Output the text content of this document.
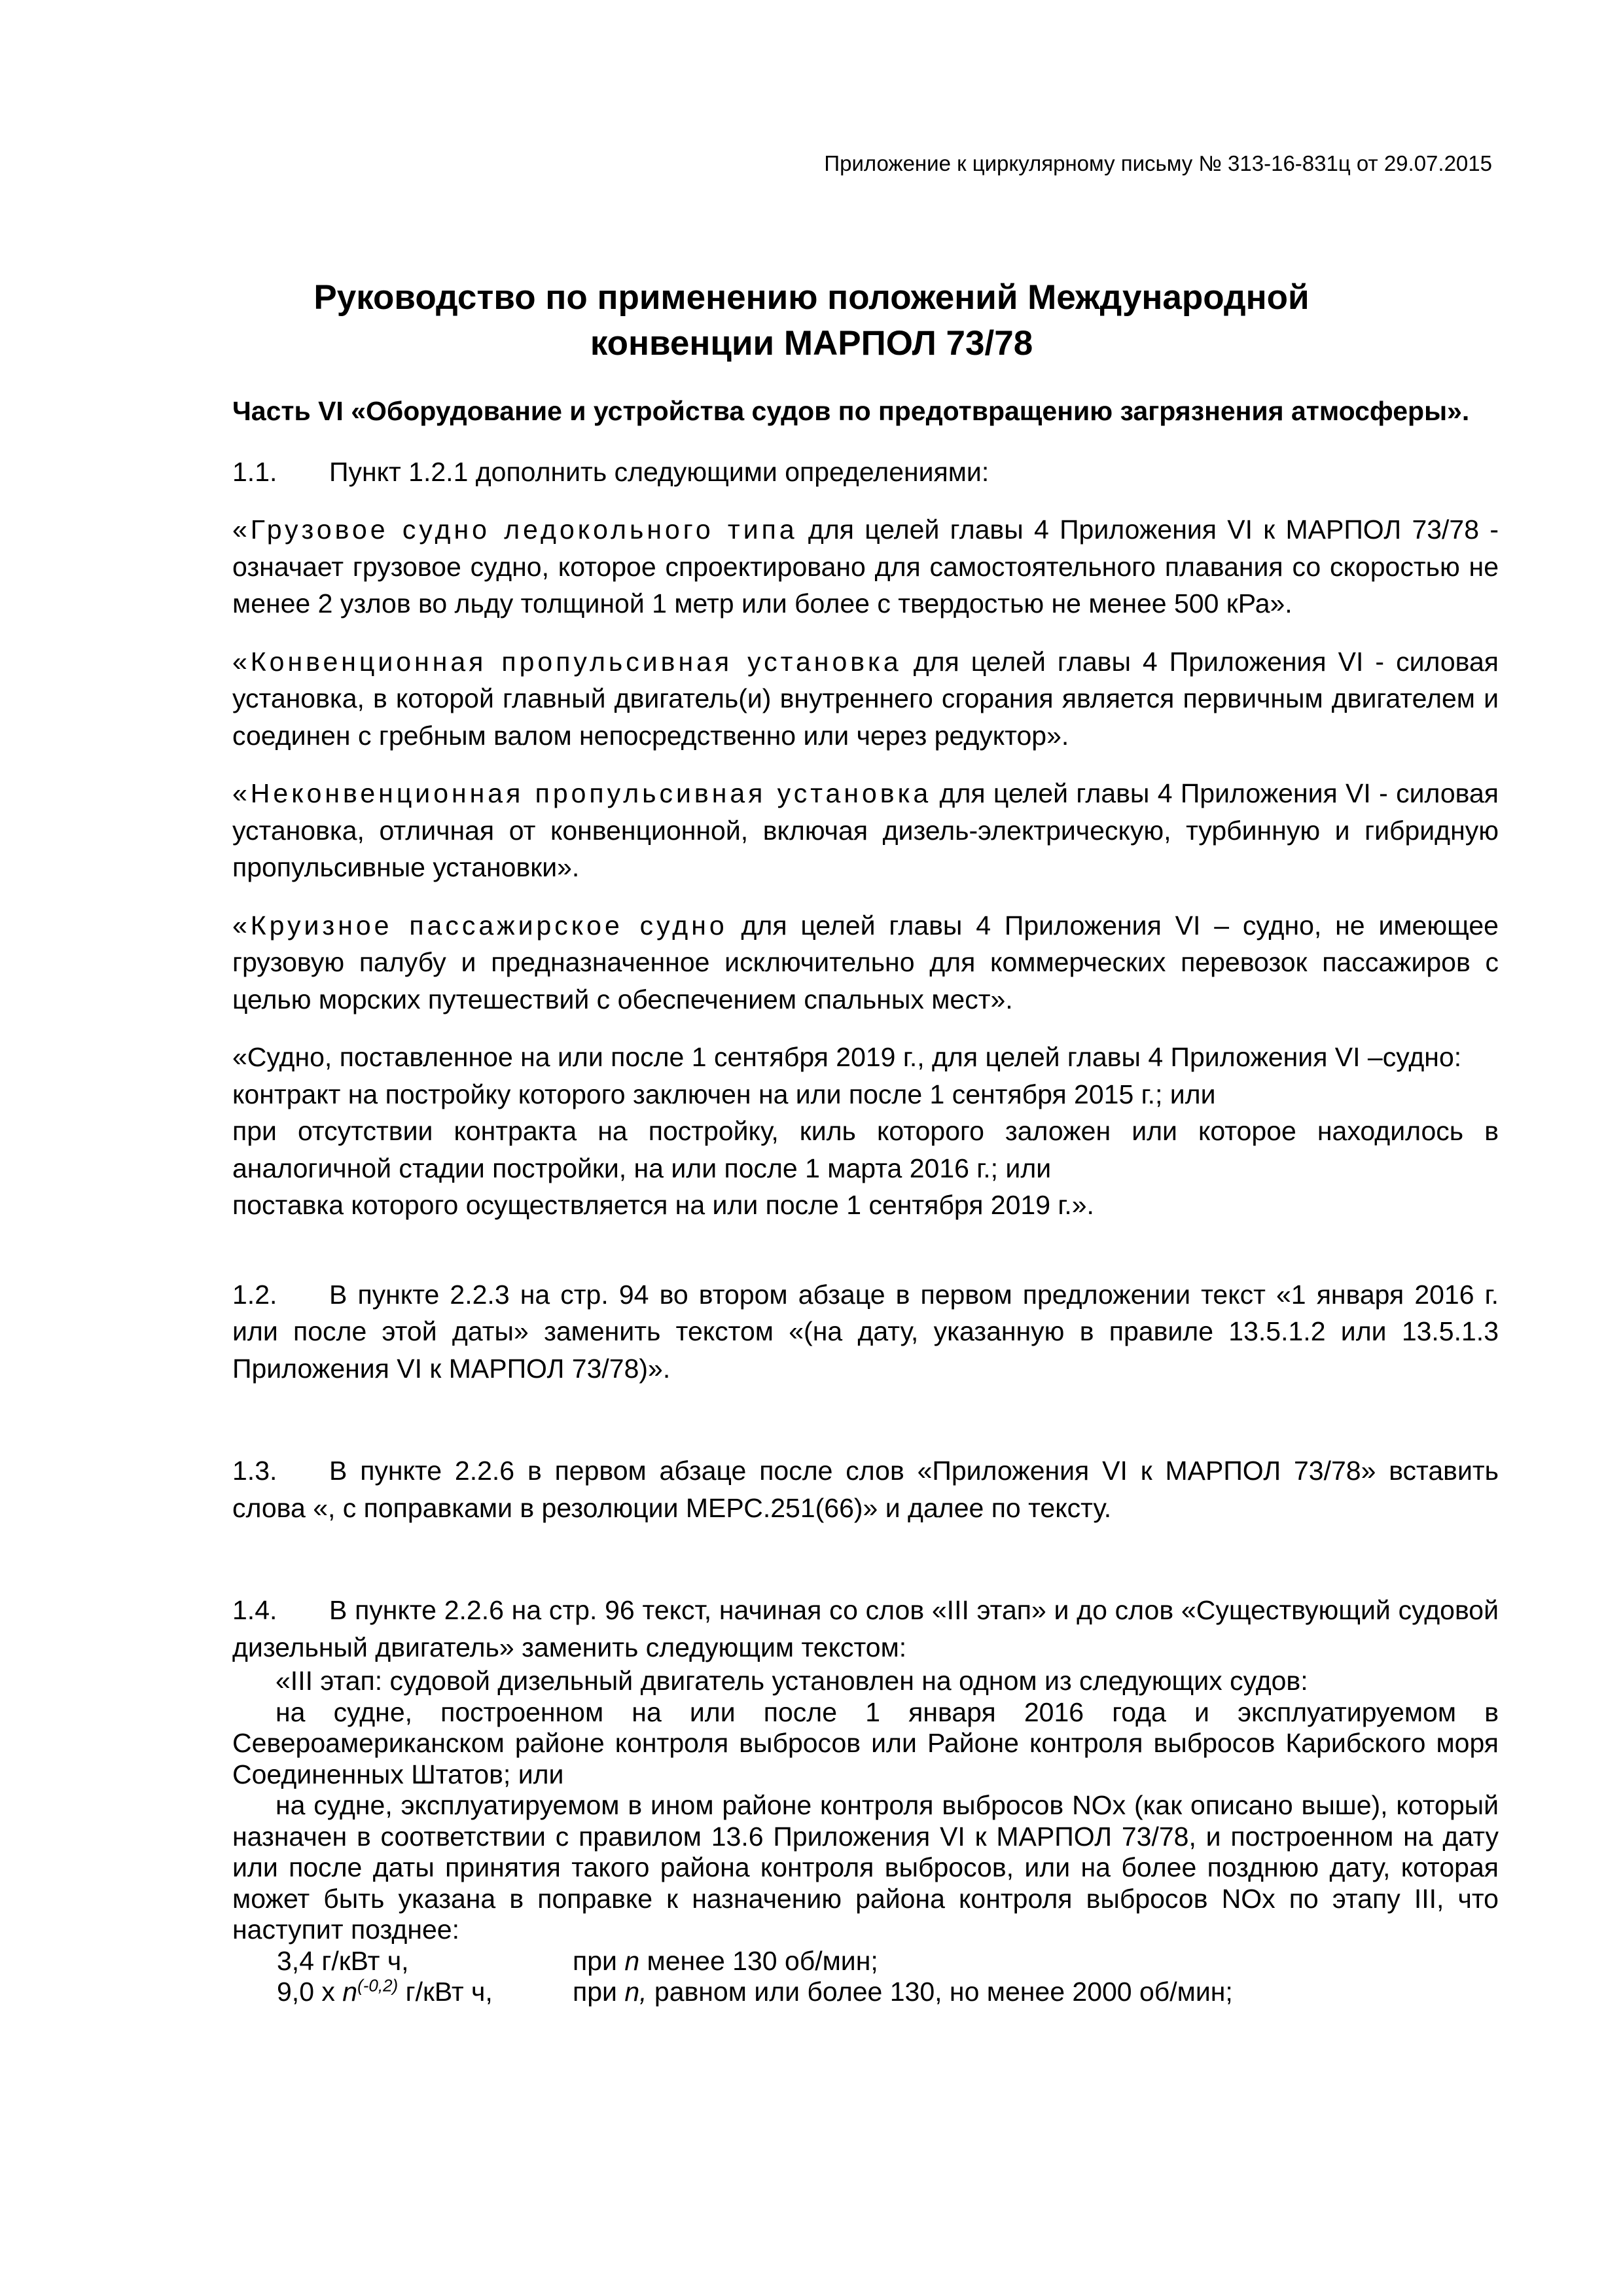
Приложение к циркулярному письму № 313-16-831ц от 29.07.2015
Руководство по применению положений Международной
конвенции МАРПОЛ 73/78

Часть VI «Оборудование и устройства судов по предотвращению загрязнения атмосферы».

1.1. Пункт 1.2.1 дополнить следующими определениями:

«Грузовое судно ледокольного типа для целей главы 4 Приложения VI к МАРПОЛ 73/78 - означает грузовое судно, которое спроектировано для самостоятельного плавания со скоростью не менее 2 узлов во льду толщиной 1 метр или более с твердостью не менее 500 кРа».

«Конвенционная пропульсивная установка для целей главы 4 Приложения VI - силовая установка, в которой главный двигатель(и) внутреннего сгорания является первичным двигателем и соединен с гребным валом непосредственно или через редуктор».

«Неконвенционная пропульсивная установка для целей главы 4 Приложения VI - силовая установка, отличная от конвенционной, включая дизель-электрическую, турбинную и гибридную пропульсивные установки».

«Круизное пассажирское судно для целей главы 4 Приложения VI – судно, не имеющее грузовую палубу и предназначенное исключительно для коммерческих перевозок пассажиров с целью морских путешествий с обеспечением спальных мест».

«Судно, поставленное на или после 1 сентября 2019 г., для целей главы 4 Приложения VI –судно:

контракт на постройку которого заключен на или после 1 сентября 2015 г.; или

при отсутствии контракта на постройку, киль которого заложен или которое находилось в аналогичной стадии постройки, на или после 1 марта 2016 г.; или

поставка которого осуществляется на или после 1 сентября 2019 г.».

1.2. В пункте 2.2.3 на стр. 94 во втором абзаце в первом предложении текст «1 января 2016 г. или после этой даты» заменить текстом «(на дату, указанную в правиле 13.5.1.2 или 13.5.1.3 Приложения VI к МАРПОЛ 73/78)».

1.3. В пункте 2.2.6 в первом абзаце после слов «Приложения VI к МАРПОЛ 73/78» вставить слова «, с поправками в резолюции МЕРС.251(66)» и далее по тексту.

1.4. В пункте 2.2.6 на стр. 96 текст, начиная со слов «III этап» и до слов «Существующий судовой дизельный двигатель» заменить следующим текстом:

«III этап: судовой дизельный двигатель установлен на одном из следующих судов:

на судне, построенном на или после 1 января 2016 года и эксплуатируемом в Североамериканском районе контроля выбросов или Районе контроля выбросов Карибского моря Соединенных Штатов; или

на судне, эксплуатируемом в ином районе контроля выбросов NOx (как описано выше), который назначен в соответствии с правилом 13.6 Приложения VI к МАРПОЛ 73/78, и построенном на дату или после даты принятия такого района контроля выбросов, или на более позднюю дату, которая может быть указана в поправке к назначению района контроля выбросов NOx по этапу III, что наступит позднее:

3,4 г/кВт ч,	при n менее 130 об/мин;
9,0 x $n^{(-0,2)}$ г/кВт ч,	при n, равном или более 130, но менее 2000 об/мин;
